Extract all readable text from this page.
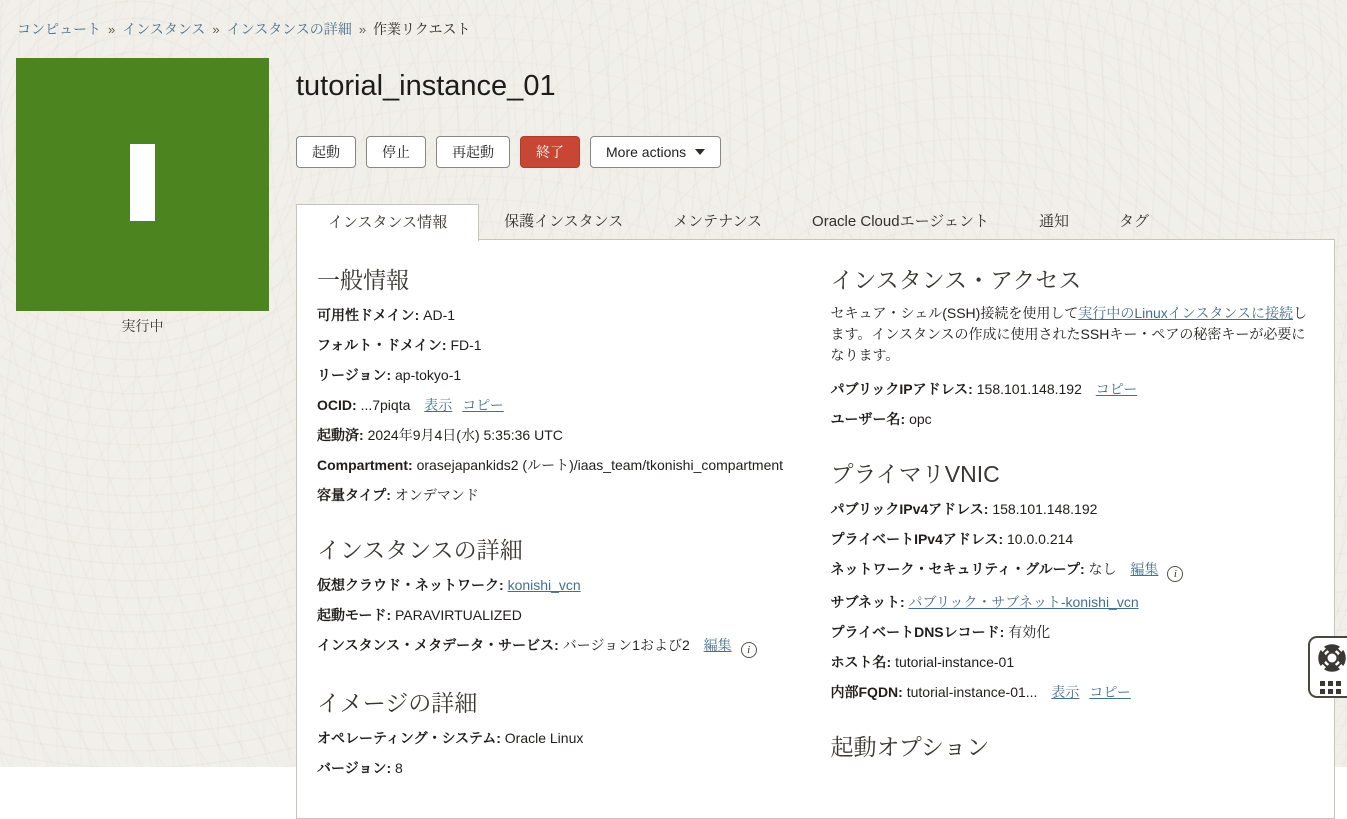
コンピュート » インスタンス » インスタンスの詳細 » 作業リクエスト
実行中
tutorial_instance_01
起動	停止	再起動	終了	More actions
インスタンス情報	保護インスタンス	メンテナンス	Oracle Cloudエージェント	通知	タグ
一般情報
可用性ドメイン: AD-1
フォルト・ドメイン: FD-1
リージョン: ap-tokyo-1
OCID: ...7piqta 表示 コピー
起動済: 2024年9月4日(水) 5:35:36 UTC
Compartment: orasejapankids2 (ルート)/iaas_team/tkonishi_compartment
容量タイプ: オンデマンド
インスタンスの詳細
仮想クラウド・ネットワーク: konishi_vcn
起動モード: PARAVIRTUALIZED
インスタンス・メタデータ・サービス: バージョン1および2 編集 i
イメージの詳細
オペレーティング・システム: Oracle Linux
バージョン: 8
インスタンス・アクセス
セキュア・シェル(SSH)接続を使用して実行中のLinuxインスタンスに接続します。インスタンスの作成に使用されたSSHキー・ペアの秘密キーが必要になります。
パブリックIPアドレス: 158.101.148.192 コピー
ユーザー名: opc
プライマリVNIC
パブリックIPv4アドレス: 158.101.148.192
プライベートIPv4アドレス: 10.0.0.214
ネットワーク・セキュリティ・グループ: なし 編集 i
サブネット: パブリック・サブネット-konishi_vcn
プライベートDNSレコード: 有効化
ホスト名: tutorial-instance-01
内部FQDN: tutorial-instance-01... 表示 コピー
起動オプション
